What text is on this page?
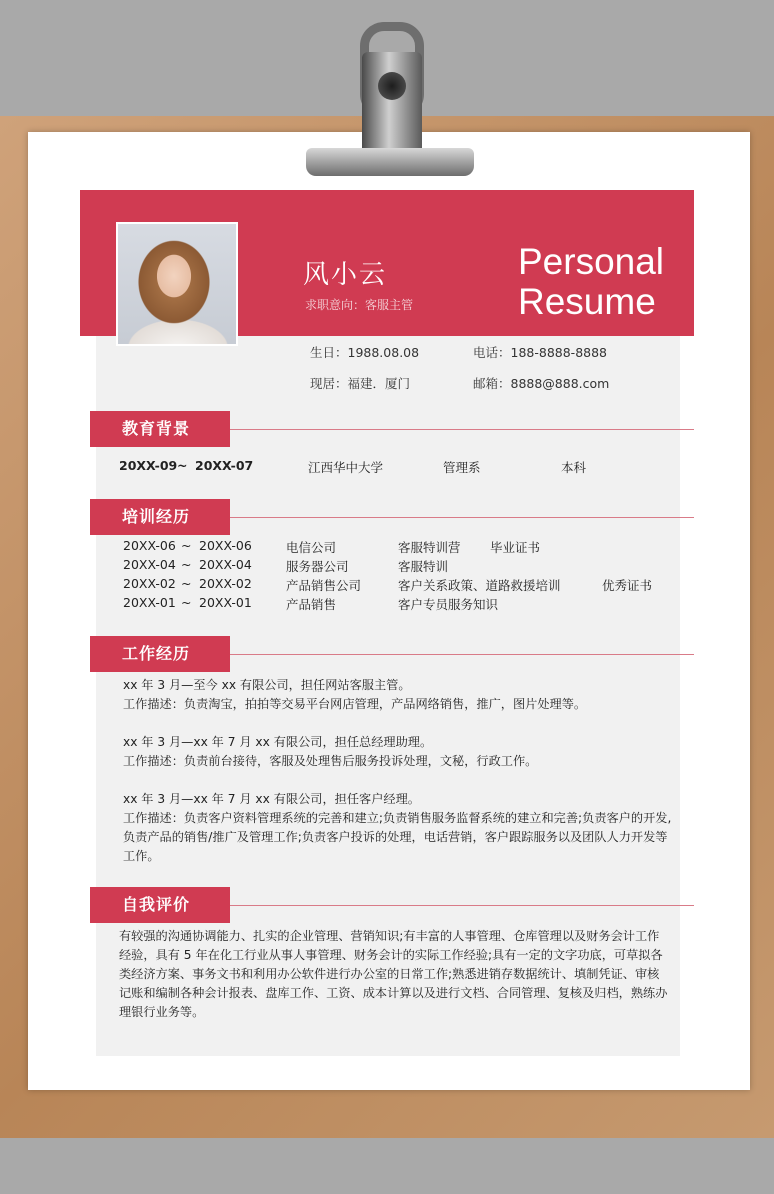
风小云
求职意向：客服主管
Personal
Resume
生日：1988.08.08	电话：188-8888-8888
现居：福建．厦门	邮箱：8888@888.com
教育背景
20XX-09 ~ 20XX-07	江西华中大学	管理系	本科
培训经历
20XX-06 ~ 20XX-06	电信公司	客服特训营 毕业证书
20XX-04 ~ 20XX-04	服务器公司	客服特训
20XX-02 ~ 20XX-02	产品销售公司	客户关系政策、道路救援培训	优秀证书
20XX-01 ~ 20XX-01	产品销售	客户专员服务知识
工作经历
xx 年 3 月—至今 xx 有限公司，担任网站客服主管。
工作描述：负责淘宝，拍拍等交易平台网店管理，产品网络销售，推广，图片处理等。
xx 年 3 月—xx 年 7 月 xx 有限公司，担任总经理助理。
工作描述：负责前台接待，客服及处理售后服务投诉处理，文秘，行政工作。
xx 年 3 月—xx 年 7 月 xx 有限公司，担任客户经理。
工作描述：负责客户资料管理系统的完善和建立;负责销售服务监督系统的建立和完善;负责客户的开发,负责产品的销售/推广及管理工作;负责客户投诉的处理，电话营销，客户跟踪服务以及团队人力开发等工作。
自我评价
有较强的沟通协调能力、扎实的企业管理、营销知识;有丰富的人事管理、仓库管理以及财务会计工作经验，具有 5 年在化工行业从事人事管理、财务会计的实际工作经验;具有一定的文字功底，可草拟各类经济方案、事务文书和利用办公软件进行办公室的日常工作;熟悉进销存数据统计、填制凭证、审核记账和编制各种会计报表、盘库工作、工资、成本计算以及进行文档、合同管理、复核及归档，熟练办理银行业务等。
